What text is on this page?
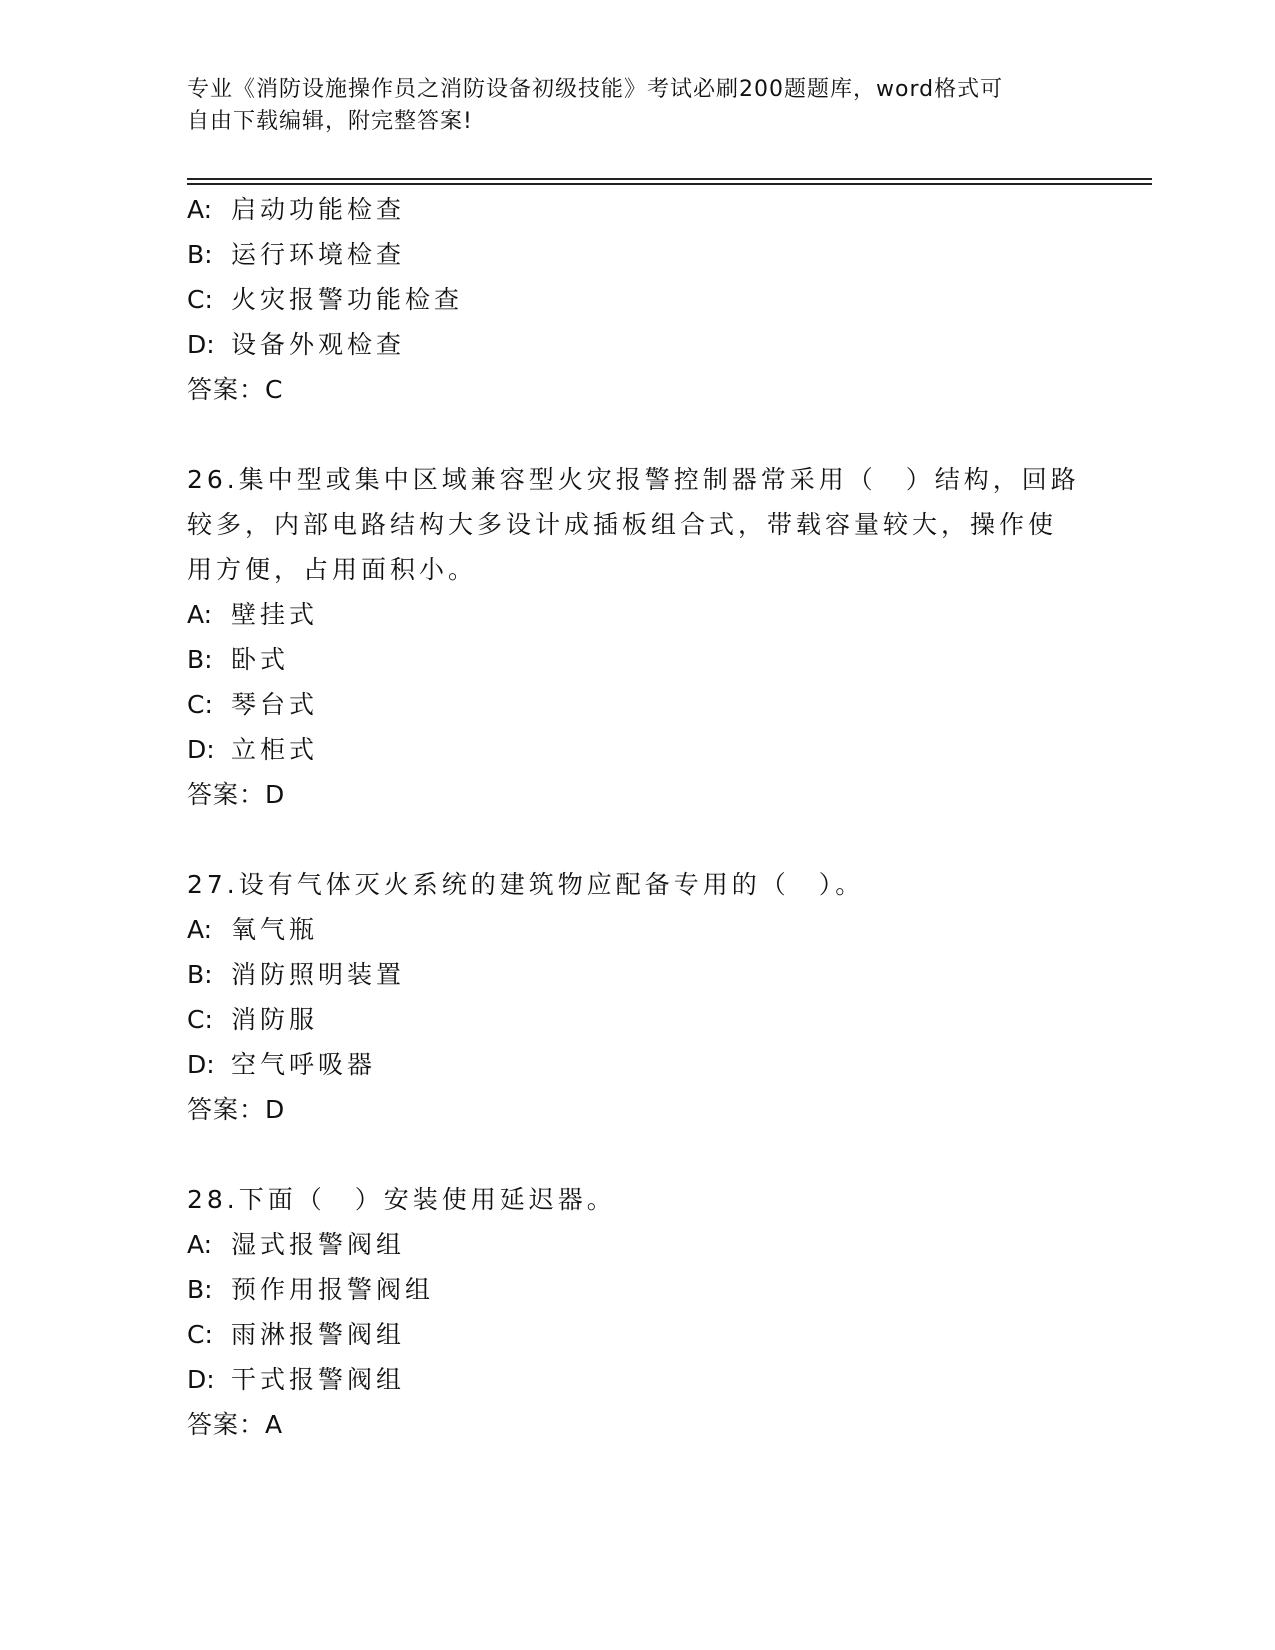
专业《消防设施操作员之消防设备初级技能》考试必刷200题题库，word格式可
自由下载编辑，附完整答案!
A: 启动功能检查
B: 运行环境检查
C: 火灾报警功能检查
D: 设备外观检查
答案：C
26.集中型或集中区域兼容型火灾报警控制器常采用（　）结构，回路
较多，内部电路结构大多设计成插板组合式，带载容量较大，操作使
用方便，占用面积小。
A: 壁挂式
B: 卧式
C: 琴台式
D: 立柜式
答案：D
27.设有气体灭火系统的建筑物应配备专用的（　）。
A: 氧气瓶
B: 消防照明装置
C: 消防服
D: 空气呼吸器
答案：D
28.下面（　）安装使用延迟器。
A: 湿式报警阀组
B: 预作用报警阀组
C: 雨淋报警阀组
D: 干式报警阀组
答案：A
